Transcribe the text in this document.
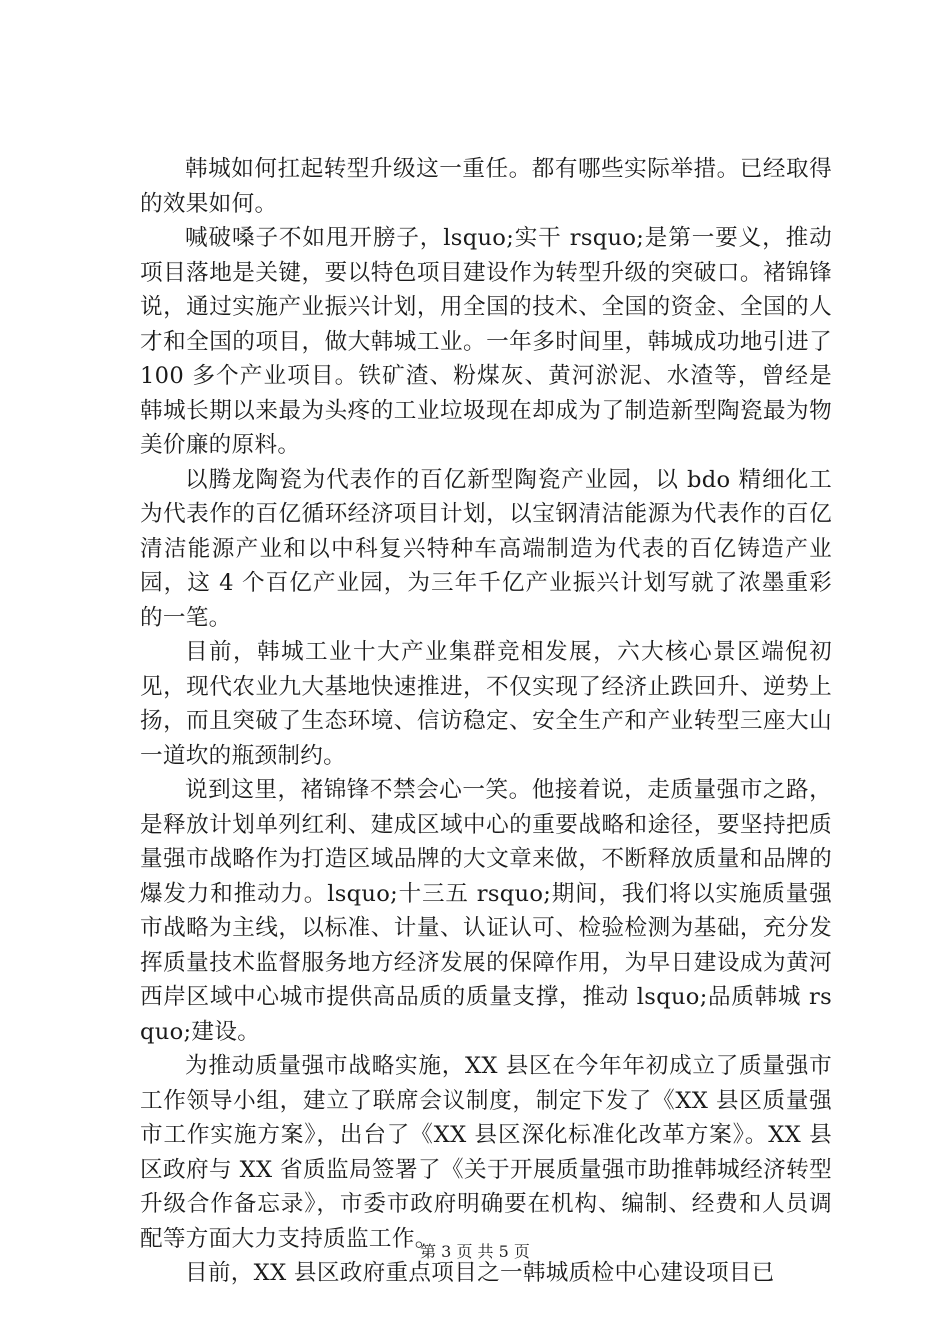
韩城如何扛起转型升级这一重任。都有哪些实际举措。已经取得的效果如何。

喊破嗓子不如甩开膀子，lsquo;实干 rsquo;是第一要义，推动项目落地是关键，要以特色项目建设作为转型升级的突破口。褚锦锋说，通过实施产业振兴计划，用全国的技术、全国的资金、全国的人才和全国的项目，做大韩城工业。一年多时间里，韩城成功地引进了 100 多个产业项目。铁矿渣、粉煤灰、黄河淤泥、水渣等，曾经是韩城长期以来最为头疼的工业垃圾现在却成为了制造新型陶瓷最为物美价廉的原料。

以腾龙陶瓷为代表作的百亿新型陶瓷产业园，以 bdo 精细化工为代表作的百亿循环经济项目计划，以宝钢清洁能源为代表作的百亿清洁能源产业和以中科复兴特种车高端制造为代表的百亿铸造产业园，这 4 个百亿产业园，为三年千亿产业振兴计划写就了浓墨重彩的一笔。

目前，韩城工业十大产业集群竞相发展，六大核心景区端倪初见，现代农业九大基地快速推进，不仅实现了经济止跌回升、逆势上扬，而且突破了生态环境、信访稳定、安全生产和产业转型三座大山一道坎的瓶颈制约。

说到这里，褚锦锋不禁会心一笑。他接着说，走质量强市之路，是释放计划单列红利、建成区域中心的重要战略和途径，要坚持把质量强市战略作为打造区域品牌的大文章来做，不断释放质量和品牌的爆发力和推动力。lsquo;十三五 rsquo;期间，我们将以实施质量强市战略为主线，以标准、计量、认证认可、检验检测为基础，充分发挥质量技术监督服务地方经济发展的保障作用，为早日建设成为黄河西岸区域中心城市提供高品质的质量支撑，推动 lsquo;品质韩城 rsquo;建设。

为推动质量强市战略实施，XX 县区在今年年初成立了质量强市工作领导小组，建立了联席会议制度，制定下发了《XX 县区质量强市工作实施方案》，出台了《XX 县区深化标准化改革方案》。XX 县区政府与 XX 省质监局签署了《关于开展质量强市助推韩城经济转型升级合作备忘录》，市委市政府明确要在机构、编制、经费和人员调配等方面大力支持质监工作。

目前，XX 县区政府重点项目之一韩城质检中心建设项目已

第 3 页 共 5 页
